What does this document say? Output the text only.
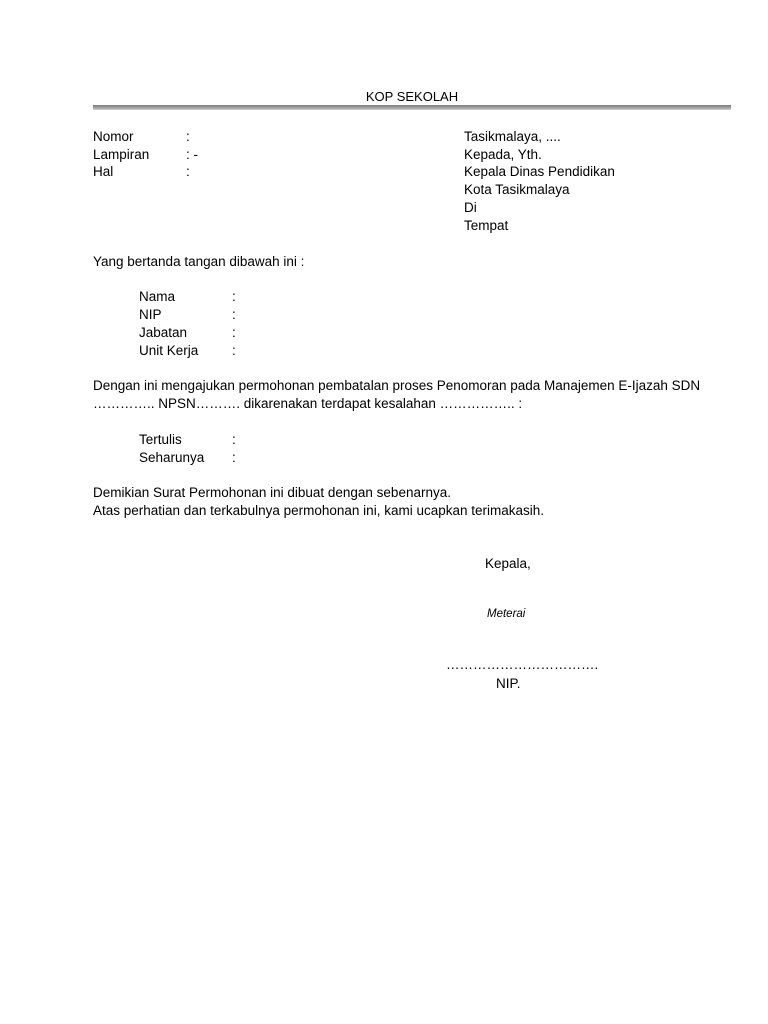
KOP SEKOLAH
Nomor	:
Lampiran	: -
Hal	:
Tasikmalaya, ....
Kepada, Yth.
Kepala Dinas Pendidikan
Kota Tasikmalaya
Di
Tempat
Yang bertanda tangan dibawah ini :
Nama	:
NIP	:
Jabatan	:
Unit Kerja :
Dengan ini mengajukan permohonan pembatalan proses Penomoran pada Manajemen E-Ijazah SDN
………….. NPSN………. dikarenakan terdapat kesalahan …………….. :
Tertulis	:
Seharunya :
Demikian Surat Permohonan ini dibuat dengan sebenarnya.
Atas perhatian dan terkabulnya permohonan ini, kami ucapkan terimakasih.
Kepala,
Meterai
…………………………….
NIP.
